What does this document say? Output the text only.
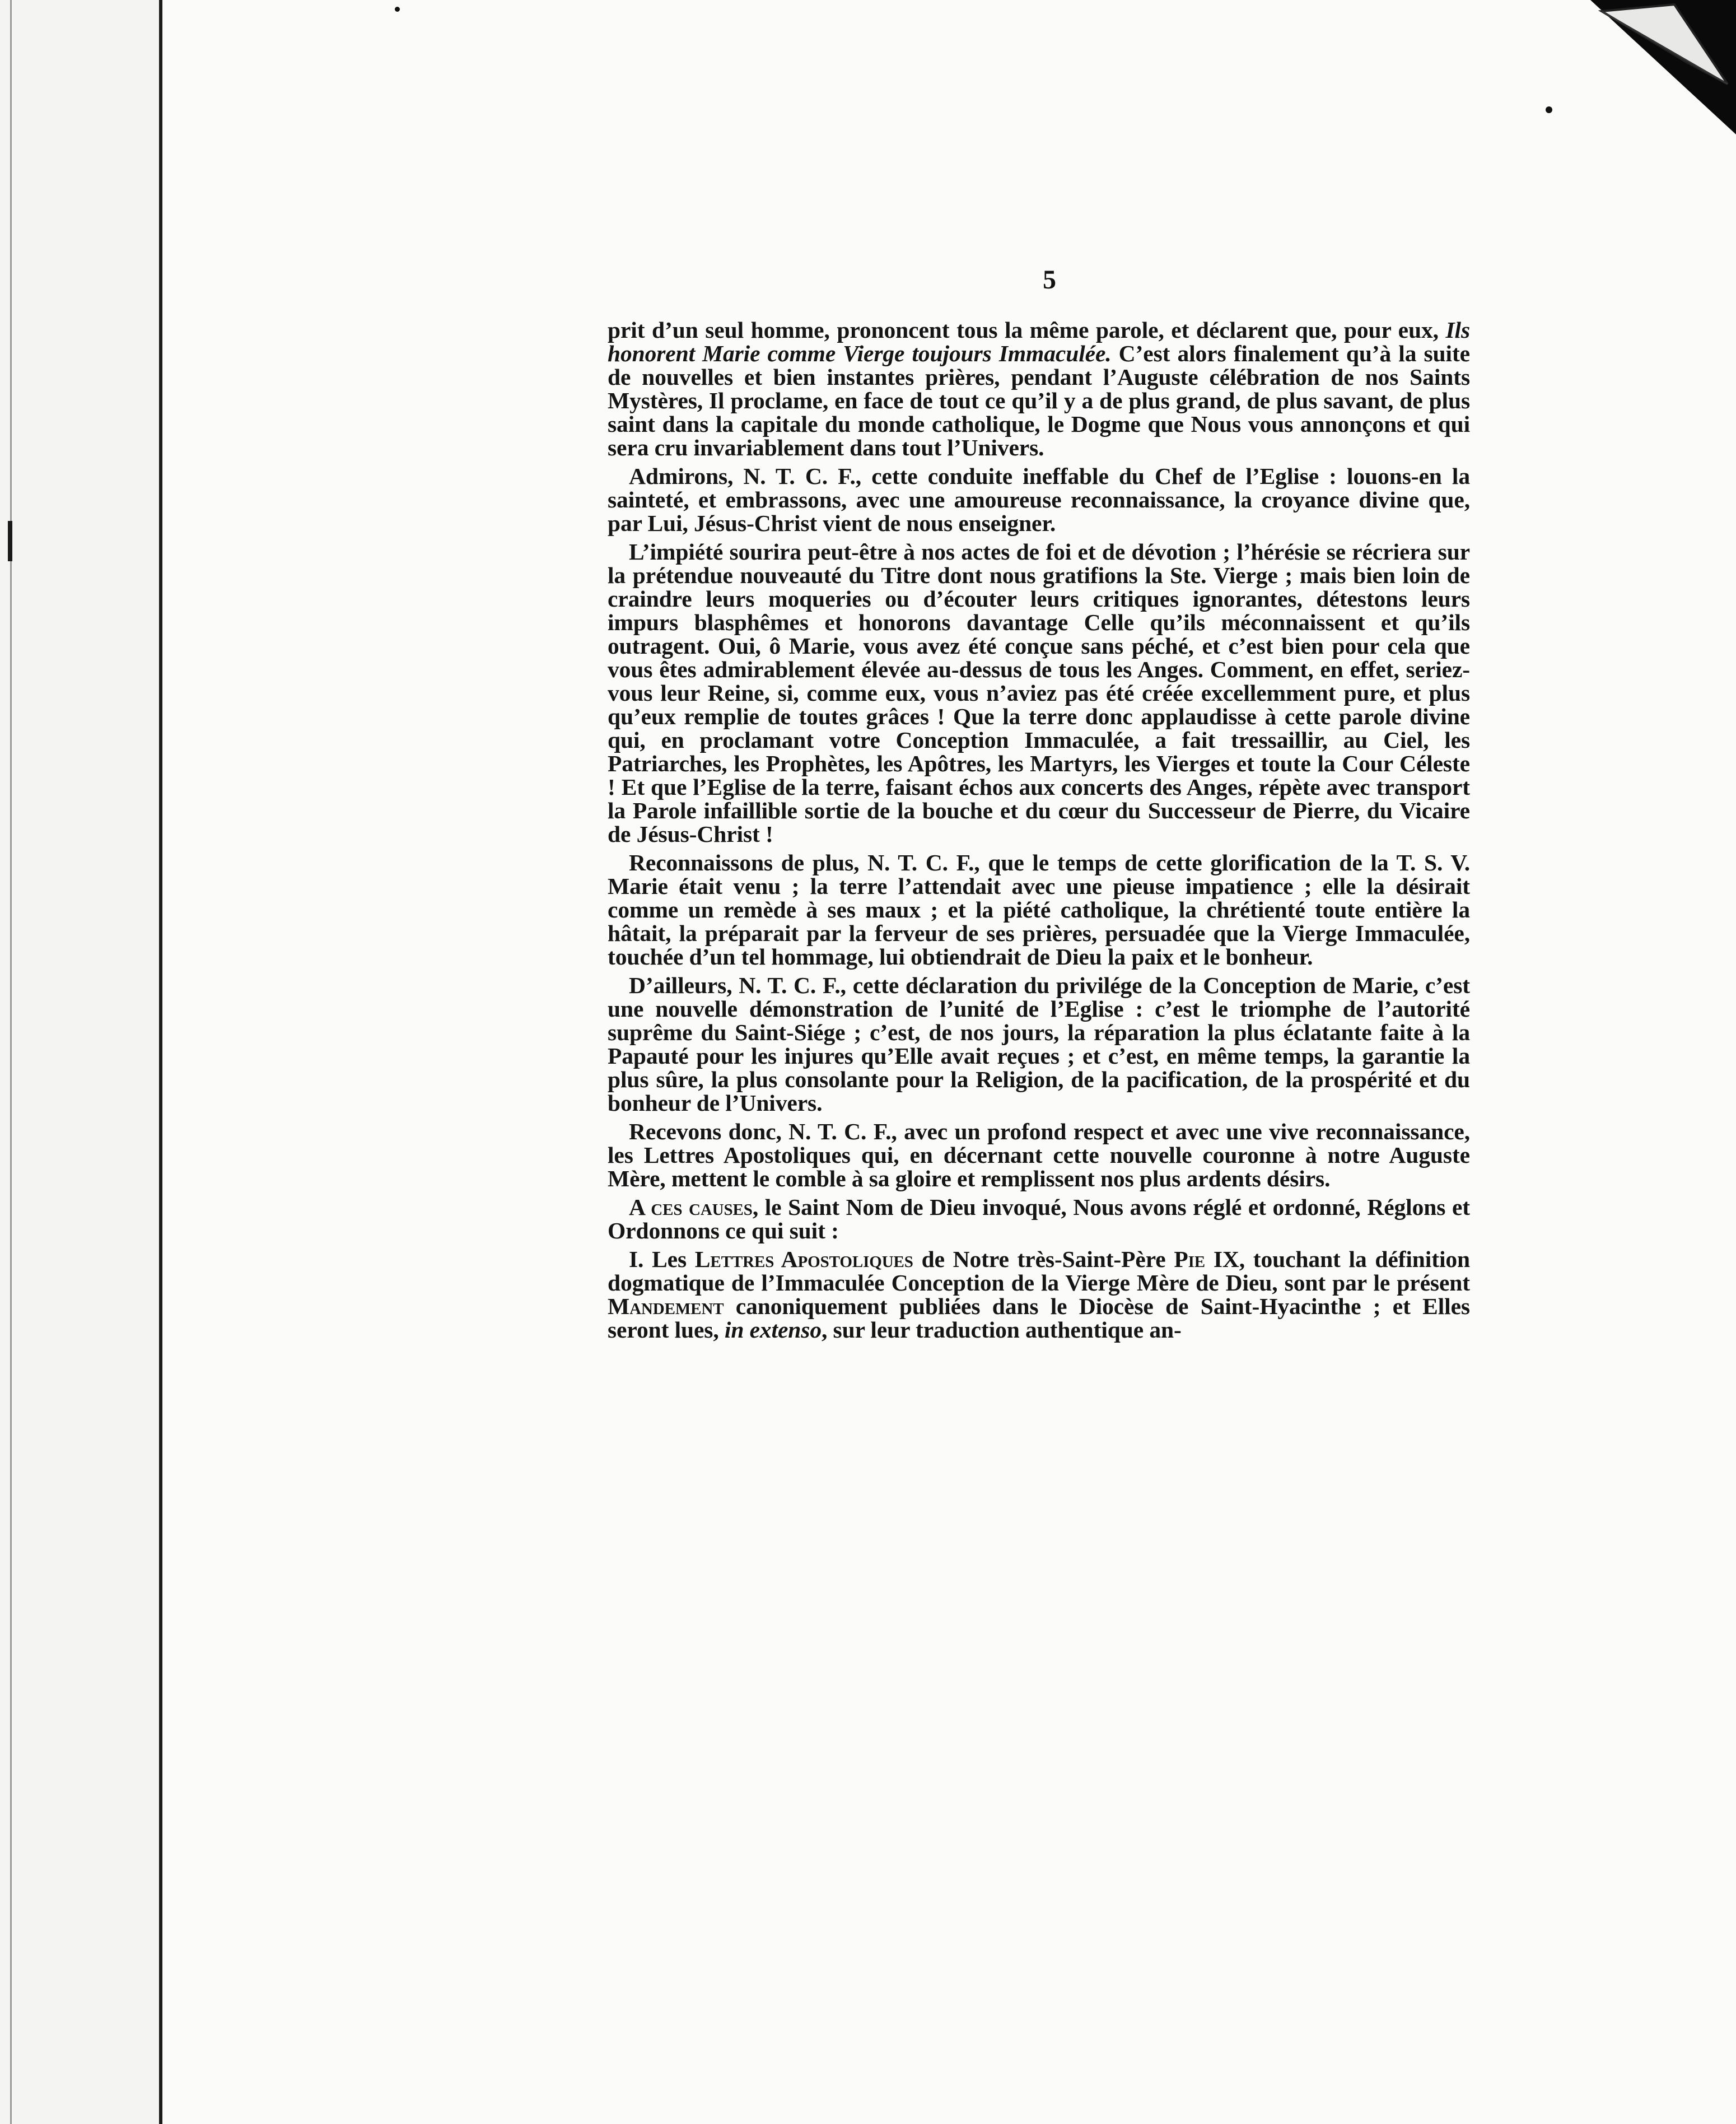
5

prit d’un seul homme, prononcent tous la même parole, et déclarent que, pour eux, Ils honorent Marie comme Vierge toujours Immaculée. C’est alors finalement qu’à la suite de nouvelles et bien instantes prières, pendant l’Auguste célébration de nos Saints Mystères, Il proclame, en face de tout ce qu’il y a de plus grand, de plus savant, de plus saint dans la capitale du monde catholique, le Dogme que Nous vous annonçons et qui sera cru invariablement dans tout l’Univers.

Admirons, N. T. C. F., cette conduite ineffable du Chef de l’Eglise : louons-en la sainteté, et embrassons, avec une amoureuse reconnaissance, la croyance divine que, par Lui, Jésus-Christ vient de nous enseigner.

L’impiété sourira peut-être à nos actes de foi et de dévotion ; l’hérésie se récriera sur la prétendue nouveauté du Titre dont nous gratifions la Ste. Vierge ; mais bien loin de craindre leurs moqueries ou d’écouter leurs critiques ignorantes, détestons leurs impurs blasphêmes et honorons davantage Celle qu’ils méconnaissent et qu’ils outragent. Oui, ô Marie, vous avez été conçue sans péché, et c’est bien pour cela que vous êtes admirablement élevée au-dessus de tous les Anges. Comment, en effet, seriez-vous leur Reine, si, comme eux, vous n’aviez pas été créée excellemment pure, et plus qu’eux remplie de toutes grâces ! Que la terre donc applaudisse à cette parole divine qui, en proclamant votre Conception Immaculée, a fait tressaillir, au Ciel, les Patriarches, les Prophètes, les Apôtres, les Martyrs, les Vierges et toute la Cour Céleste ! Et que l’Eglise de la terre, faisant échos aux concerts des Anges, répète avec transport la Parole infaillible sortie de la bouche et du cœur du Successeur de Pierre, du Vicaire de Jésus-Christ !

Reconnaissons de plus, N. T. C. F., que le temps de cette glorification de la T. S. V. Marie était venu ; la terre l’attendait avec une pieuse impatience ; elle la désirait comme un remède à ses maux ; et la piété catholique, la chrétienté toute entière la hâtait, la préparait par la ferveur de ses prières, persuadée que la Vierge Immaculée, touchée d’un tel hommage, lui obtiendrait de Dieu la paix et le bonheur.

D’ailleurs, N. T. C. F., cette déclaration du privilége de la Conception de Marie, c’est une nouvelle démonstration de l’unité de l’Eglise : c’est le triomphe de l’autorité suprême du Saint-Siége ; c’est, de nos jours, la réparation la plus éclatante faite à la Papauté pour les injures qu’Elle avait reçues ; et c’est, en même temps, la garantie la plus sûre, la plus consolante pour la Religion, de la pacification, de la prospérité et du bonheur de l’Univers.

Recevons donc, N. T. C. F., avec un profond respect et avec une vive reconnaissance, les Lettres Apostoliques qui, en décernant cette nouvelle couronne à notre Auguste Mère, mettent le comble à sa gloire et remplissent nos plus ardents désirs.

A ces causes, le Saint Nom de Dieu invoqué, Nous avons réglé et ordonné, Réglons et Ordonnons ce qui suit :

I. Les Lettres Apostoliques de Notre très-Saint-Père Pie IX, touchant la définition dogmatique de l’Immaculée Conception de la Vierge Mère de Dieu, sont par le présent Mandement canoniquement publiées dans le Diocèse de Saint-Hyacinthe ; et Elles seront lues, in extenso, sur leur traduction authentique an-
